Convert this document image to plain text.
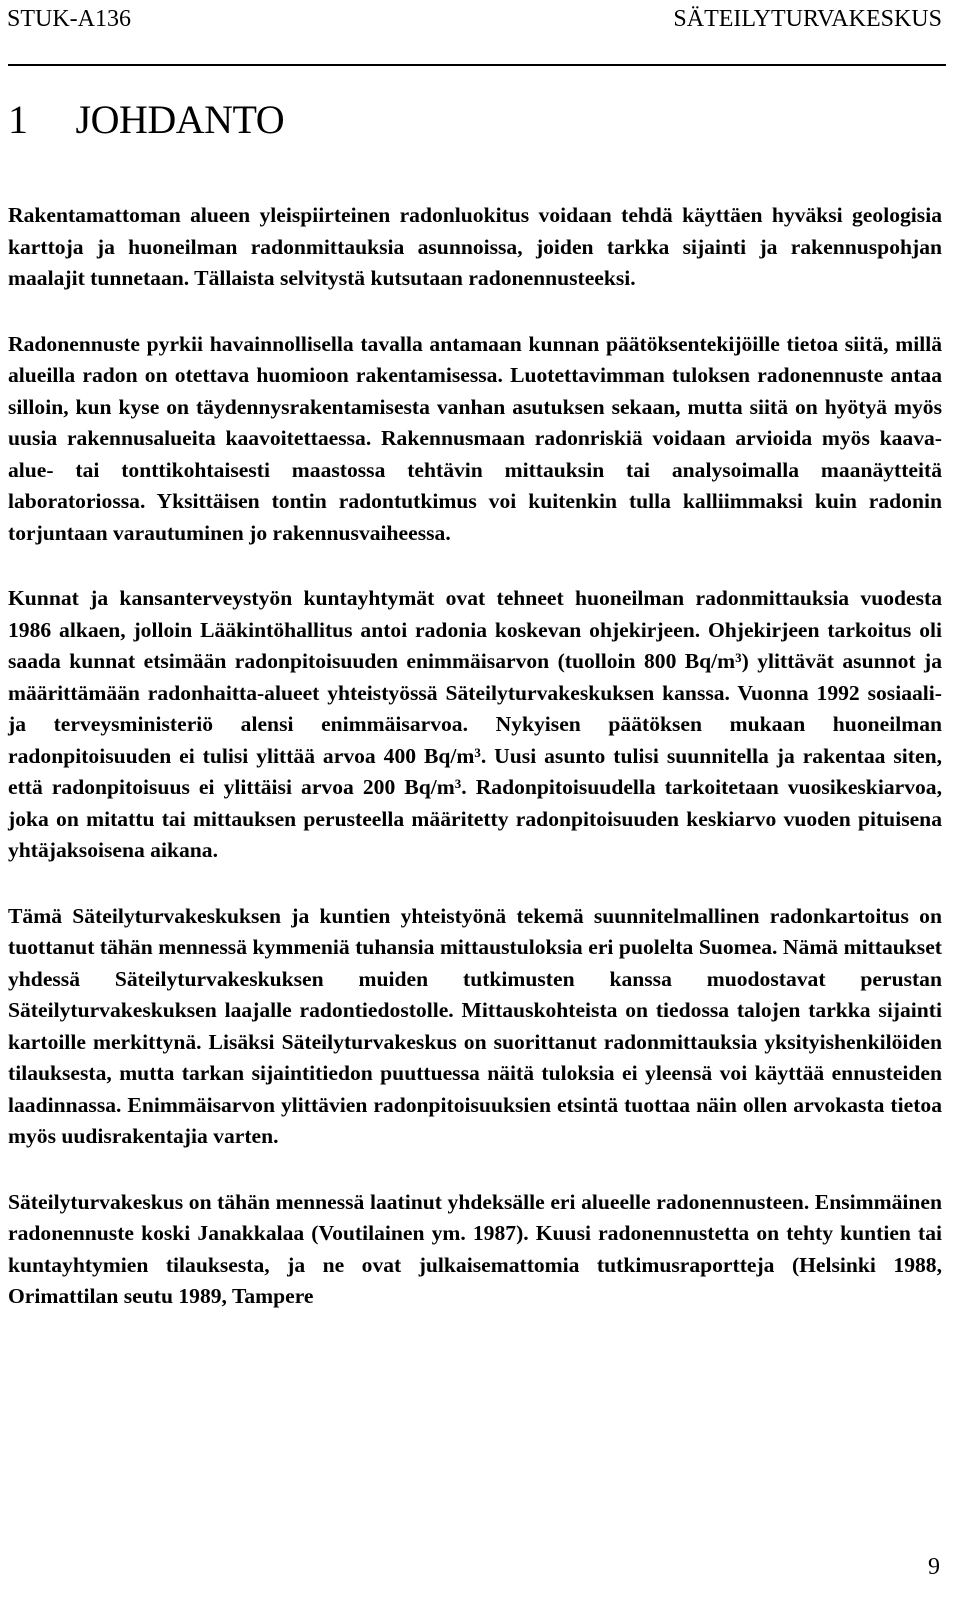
STUK-A136	SÄTEILYTURVAKESKUS
1 JOHDANTO

Rakentamattoman alueen yleispiirteinen radonluokitus voidaan tehdä käyttäen hyväksi geologisia karttoja ja huoneilman radonmittauksia asunnoissa, joiden tarkka sijainti ja rakennuspohjan maalajit tunnetaan. Tällaista selvitystä kutsutaan radonennusteeksi.

Radonennuste pyrkii havainnollisella tavalla antamaan kunnan päätöksentekijöille tietoa siitä, millä alueilla radon on otettava huomioon rakentamisessa. Luotettavimman tuloksen radonennuste antaa silloin, kun kyse on täydennysrakentamisesta vanhan asutuksen sekaan, mutta siitä on hyötyä myös uusia rakennusalueita kaavoitettaessa. Rakennusmaan radonriskiä voidaan arvioida myös kaava-alue- tai tonttikohtaisesti maastossa tehtävin mittauksin tai analysoimalla maanäytteitä laboratoriossa. Yksittäisen tontin radontutkimus voi kuitenkin tulla kalliimmaksi kuin radonin torjuntaan varautuminen jo rakennusvaiheessa.

Kunnat ja kansanterveystyön kuntayhtymät ovat tehneet huoneilman radonmittauksia vuodesta 1986 alkaen, jolloin Lääkintöhallitus antoi radonia koskevan ohjekirjeen. Ohjekirjeen tarkoitus oli saada kunnat etsimään radonpitoisuuden enimmäisarvon (tuolloin 800 Bq/m³) ylittävät asunnot ja määrittämään radonhaitta-alueet yhteistyössä Säteilyturvakeskuksen kanssa. Vuonna 1992 sosiaali- ja terveysministeriö alensi enimmäisarvoa. Nykyisen päätöksen mukaan huoneilman radonpitoisuuden ei tulisi ylittää arvoa 400 Bq/m³. Uusi asunto tulisi suunnitella ja rakentaa siten, että radonpitoisuus ei ylittäisi arvoa 200 Bq/m³. Radonpitoisuudella tarkoitetaan vuosikeskiarvoa, joka on mitattu tai mittauksen perusteella määritetty radonpitoisuuden keskiarvo vuoden pituisena yhtäjaksoisena aikana.

Tämä Säteilyturvakeskuksen ja kuntien yhteistyönä tekemä suunnitelmallinen radonkartoitus on tuottanut tähän mennessä kymmeniä tuhansia mittaustuloksia eri puolelta Suomea. Nämä mittaukset yhdessä Säteilyturvakeskuksen muiden tutkimusten kanssa muodostavat perustan Säteilyturvakeskuksen laajalle radontiedostolle. Mittauskohteista on tiedossa talojen tarkka sijainti kartoille merkittynä. Lisäksi Säteilyturvakeskus on suorittanut radonmittauksia yksityishenkilöiden tilauksesta, mutta tarkan sijaintitiedon puuttuessa näitä tuloksia ei yleensä voi käyttää ennusteiden laadinnassa. Enimmäisarvon ylittävien radonpitoisuuksien etsintä tuottaa näin ollen arvokasta tietoa myös uudisrakentajia varten.

Säteilyturvakeskus on tähän mennessä laatinut yhdeksälle eri alueelle radonennusteen. Ensimmäinen radonennuste koski Janakkalaa (Voutilainen ym. 1987). Kuusi radonennustetta on tehty kuntien tai kuntayhtymien tilauksesta, ja ne ovat julkaisemattomia tutkimusraportteja (Helsinki 1988, Orimattilan seutu 1989, Tampere

9
